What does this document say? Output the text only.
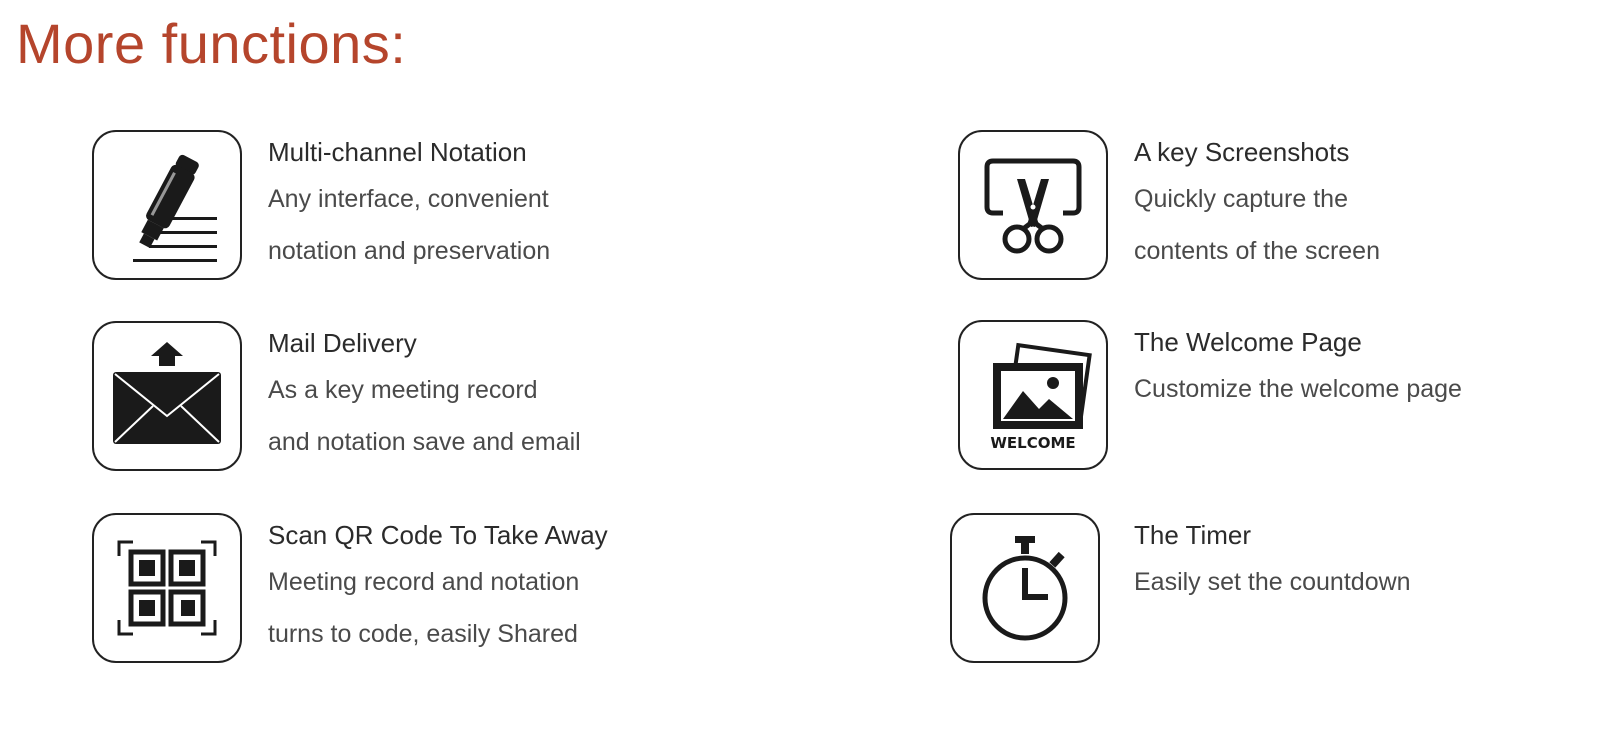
More functions:
Multi-channel Notation
Any interface, convenient
notation and preservation
Mail Delivery
As a key meeting record
and notation save and email
Scan QR Code To Take Away
Meeting record and notation
turns to code, easily Shared
A key Screenshots
Quickly capture the
contents of the screen
WELCOME
The Welcome Page
Customize the welcome page
The Timer
Easily set the countdown
